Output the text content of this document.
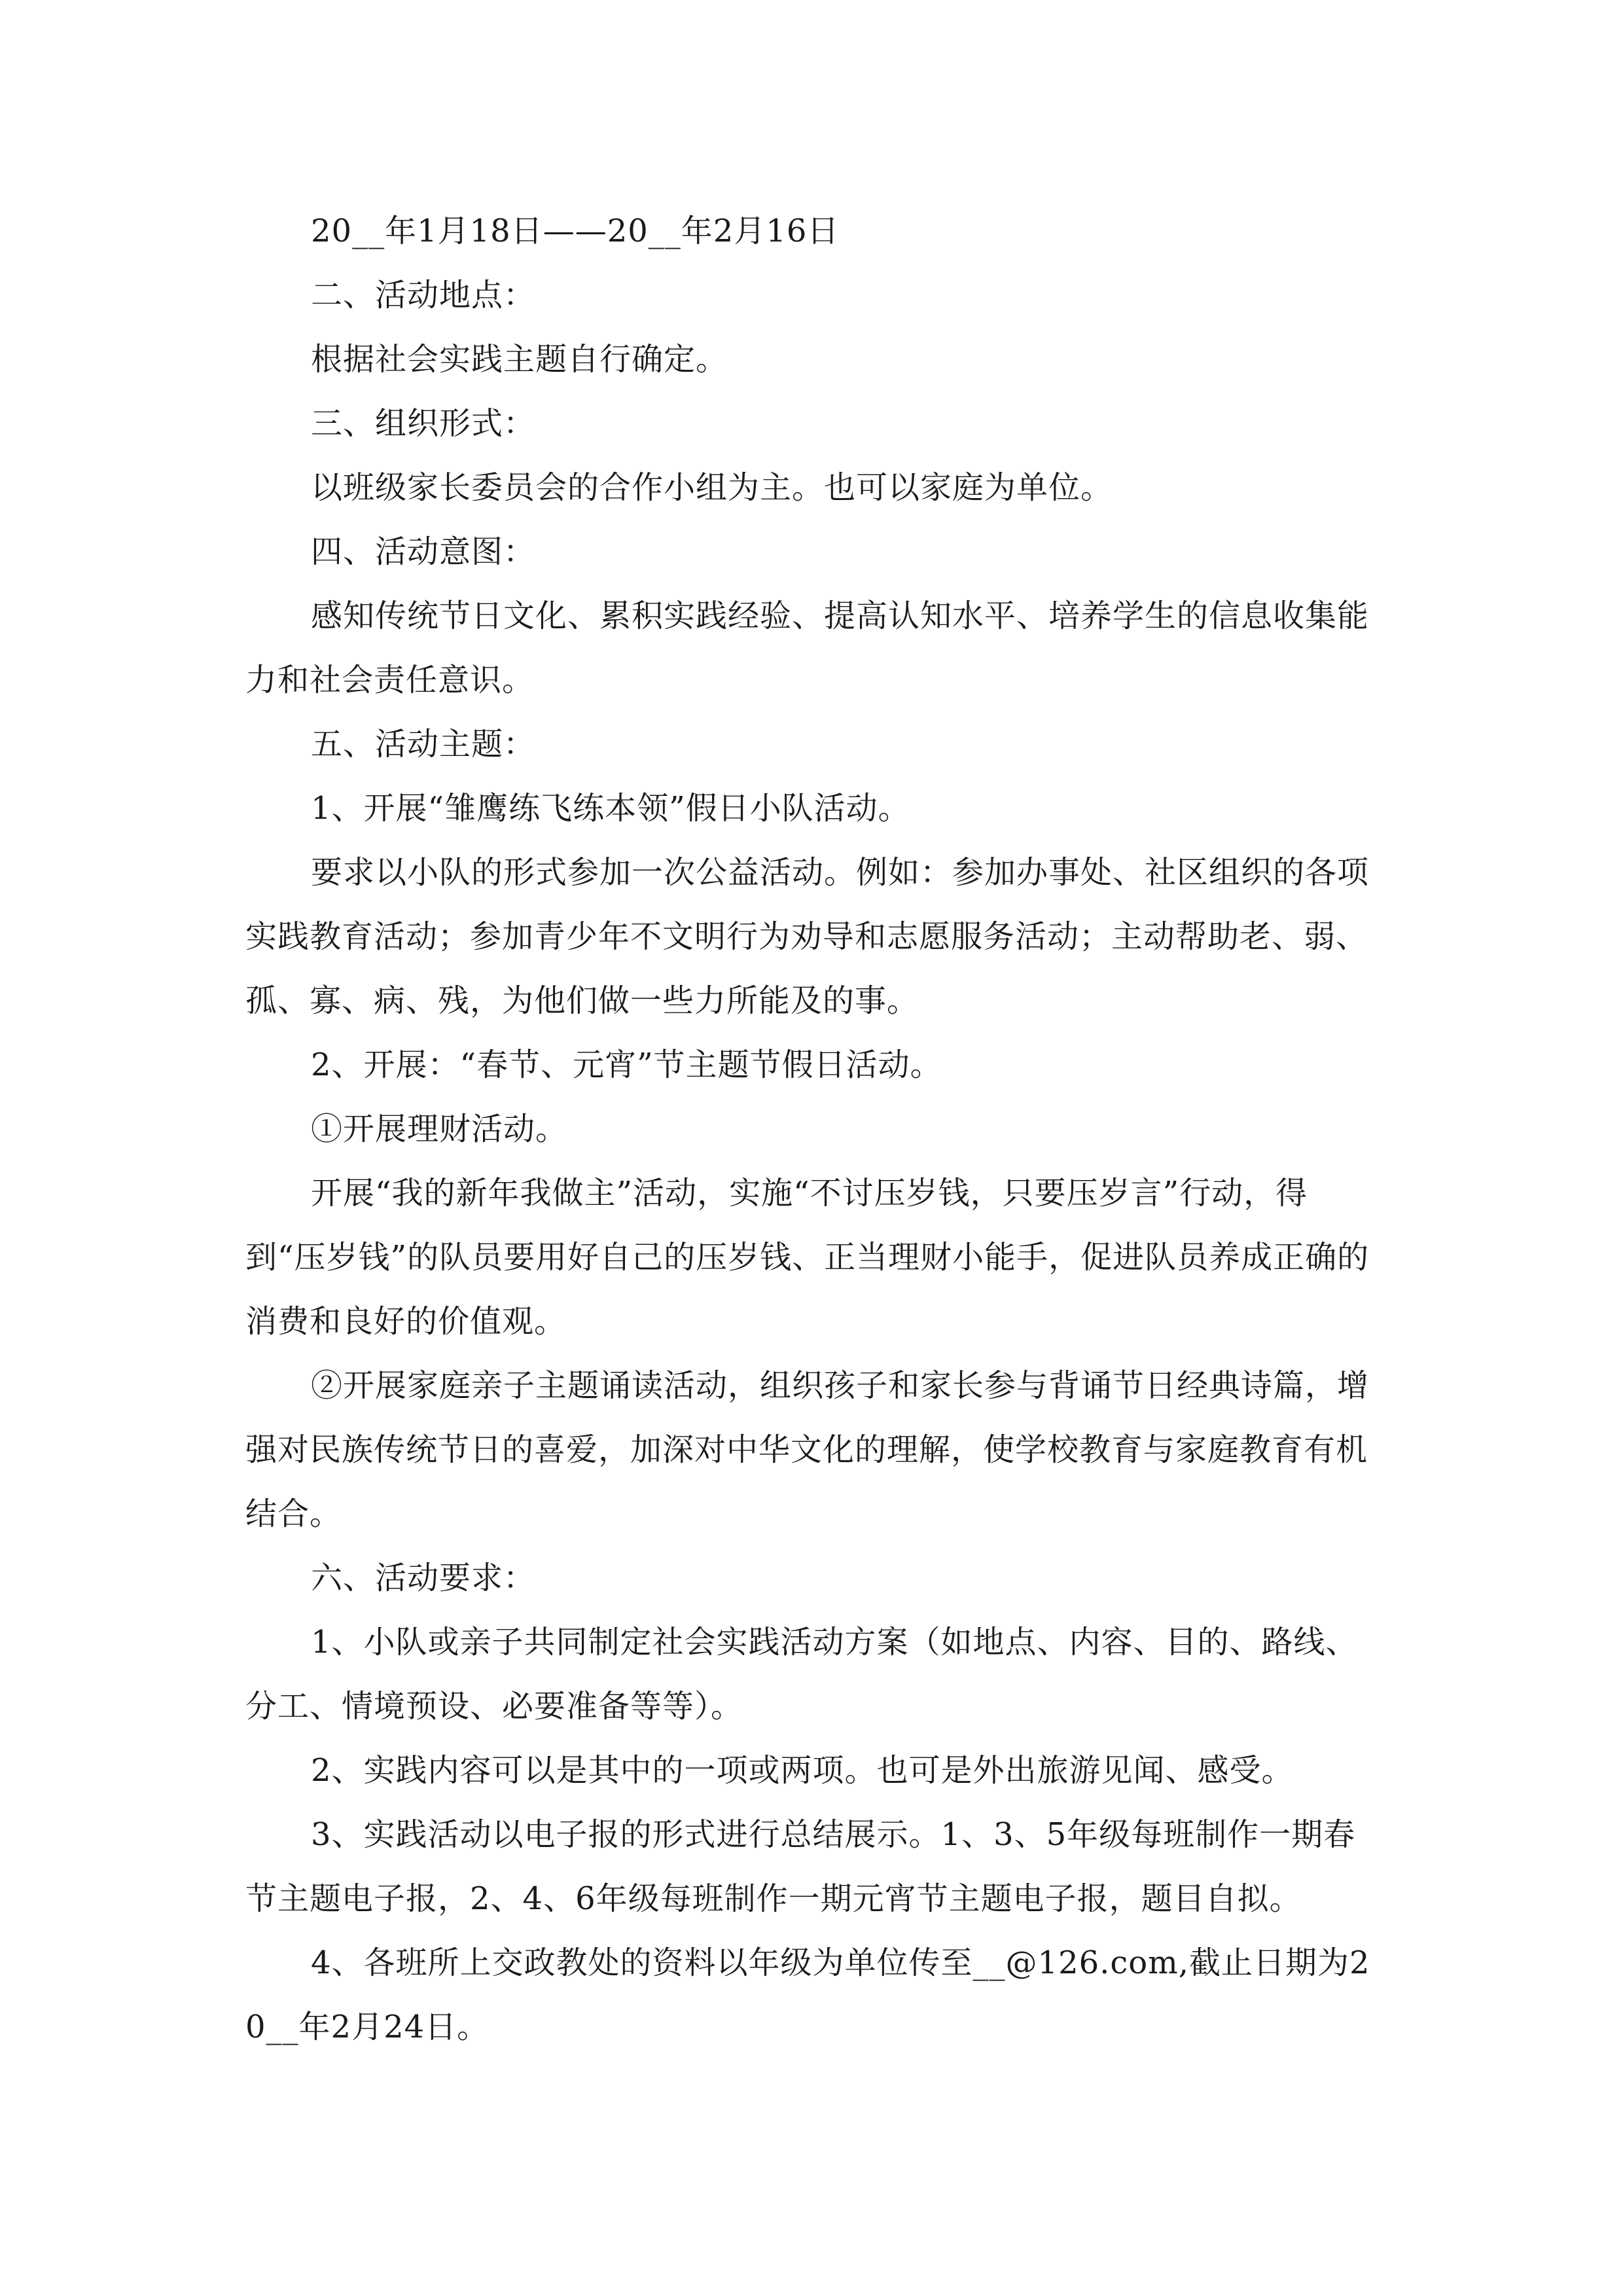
20__年1月18日——20__年2月16日

二、活动地点：

根据社会实践主题自行确定。

三、组织形式：

以班级家长委员会的合作小组为主。也可以家庭为单位。

四、活动意图：

感知传统节日文化、累积实践经验、提高认知水平、培养学生的信息收集能力和社会责任意识。

五、活动主题：

1、开展“雏鹰练飞练本领”假日小队活动。

要求以小队的形式参加一次公益活动。例如：参加办事处、社区组织的各项实践教育活动；参加青少年不文明行为劝导和志愿服务活动；主动帮助老、弱、孤、寡、病、残，为他们做一些力所能及的事。

2、开展：“春节、元宵”节主题节假日活动。

①开展理财活动。

开展“我的新年我做主”活动，实施“不讨压岁钱，只要压岁言”行动，得到“压岁钱”的队员要用好自己的压岁钱、正当理财小能手，促进队员养成正确的消费和良好的价值观。

②开展家庭亲子主题诵读活动，组织孩子和家长参与背诵节日经典诗篇，增强对民族传统节日的喜爱，加深对中华文化的理解，使学校教育与家庭教育有机结合。

六、活动要求：

1、小队或亲子共同制定社会实践活动方案（如地点、内容、目的、路线、分工、情境预设、必要准备等等）。

2、实践内容可以是其中的一项或两项。也可是外出旅游见闻、感受。

3、实践活动以电子报的形式进行总结展示。1、3、5年级每班制作一期春节主题电子报，2、4、6年级每班制作一期元宵节主题电子报，题目自拟。

4、各班所上交政教处的资料以年级为单位传至__@126.com,截止日期为20__年2月24日。
